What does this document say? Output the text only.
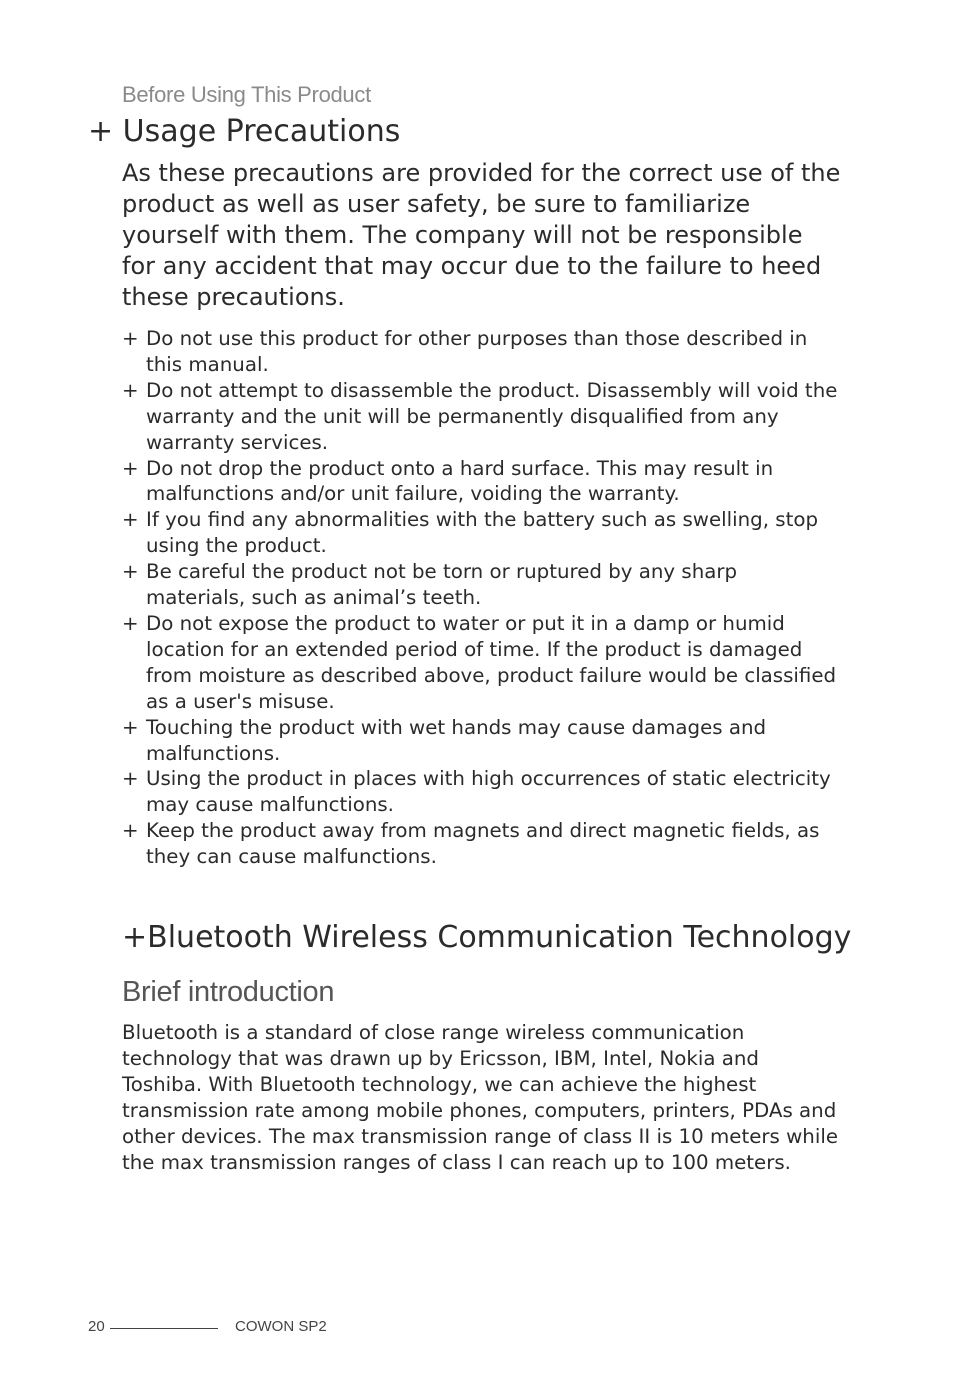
Before Using This Product
+ Usage Precautions
As these precautions are provided for the correct use of the product as well as user safety, be sure to familiarize yourself with them. The company will not be responsible for any accident that may occur due to the failure to heed these precautions.
+ Do not use this product for other purposes than those described in this manual.
+ Do not attempt to disassemble the product. Disassembly will void the warranty and the unit will be permanently disqualified from any warranty services.
+ Do not drop the product onto a hard surface. This may result in malfunctions and/or unit failure, voiding the warranty.
+ If you find any abnormalities with the battery such as swelling, stop using the product.
+ Be careful the product not be torn or ruptured by any sharp materials, such as animal’s teeth.
+ Do not expose the product to water or put it in a damp or humid location for an extended period of time. If the product is damaged from moisture as described above, product failure would be classified as a user's misuse.
+ Touching the product with wet hands may cause damages and malfunctions.
+ Using the product in places with high occurrences of static electricity may cause malfunctions.
+ Keep the product away from magnets and direct magnetic fields, as they can cause malfunctions.
+Bluetooth Wireless Communication Technology
Brief introduction
Bluetooth is a standard of close range wireless communication technology that was drawn up by Ericsson, IBM, Intel, Nokia and Toshiba. With Bluetooth technology, we can achieve the highest transmission rate among mobile phones, computers, printers, PDAs and other devices. The max transmission range of class II is 10 meters while the max transmission ranges of class I can reach up to 100 meters.
20	COWON SP2
